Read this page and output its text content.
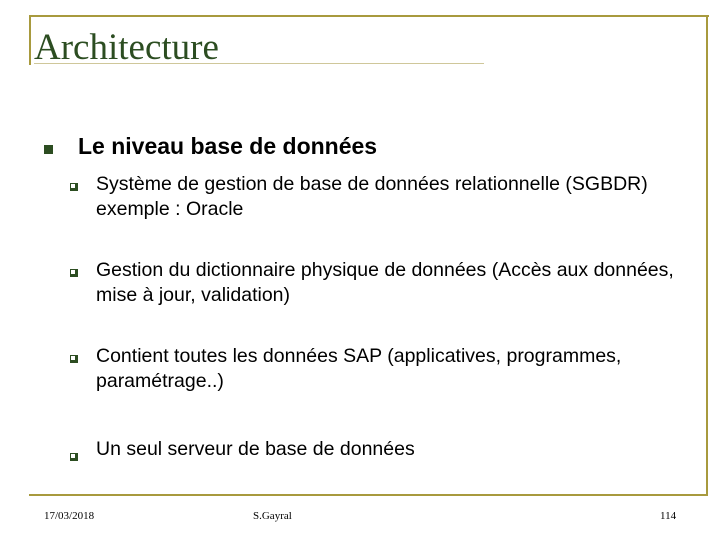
Architecture
Le niveau base de données

Système de gestion de base de données relationnelle (SGBDR) exemple : Oracle

Gestion du dictionnaire physique de données (Accès aux données, mise à jour, validation)

Contient toutes les données SAP (applicatives, programmes, paramétrage..)

Un seul serveur de base de données

17/03/2018	S.Gayral	114
